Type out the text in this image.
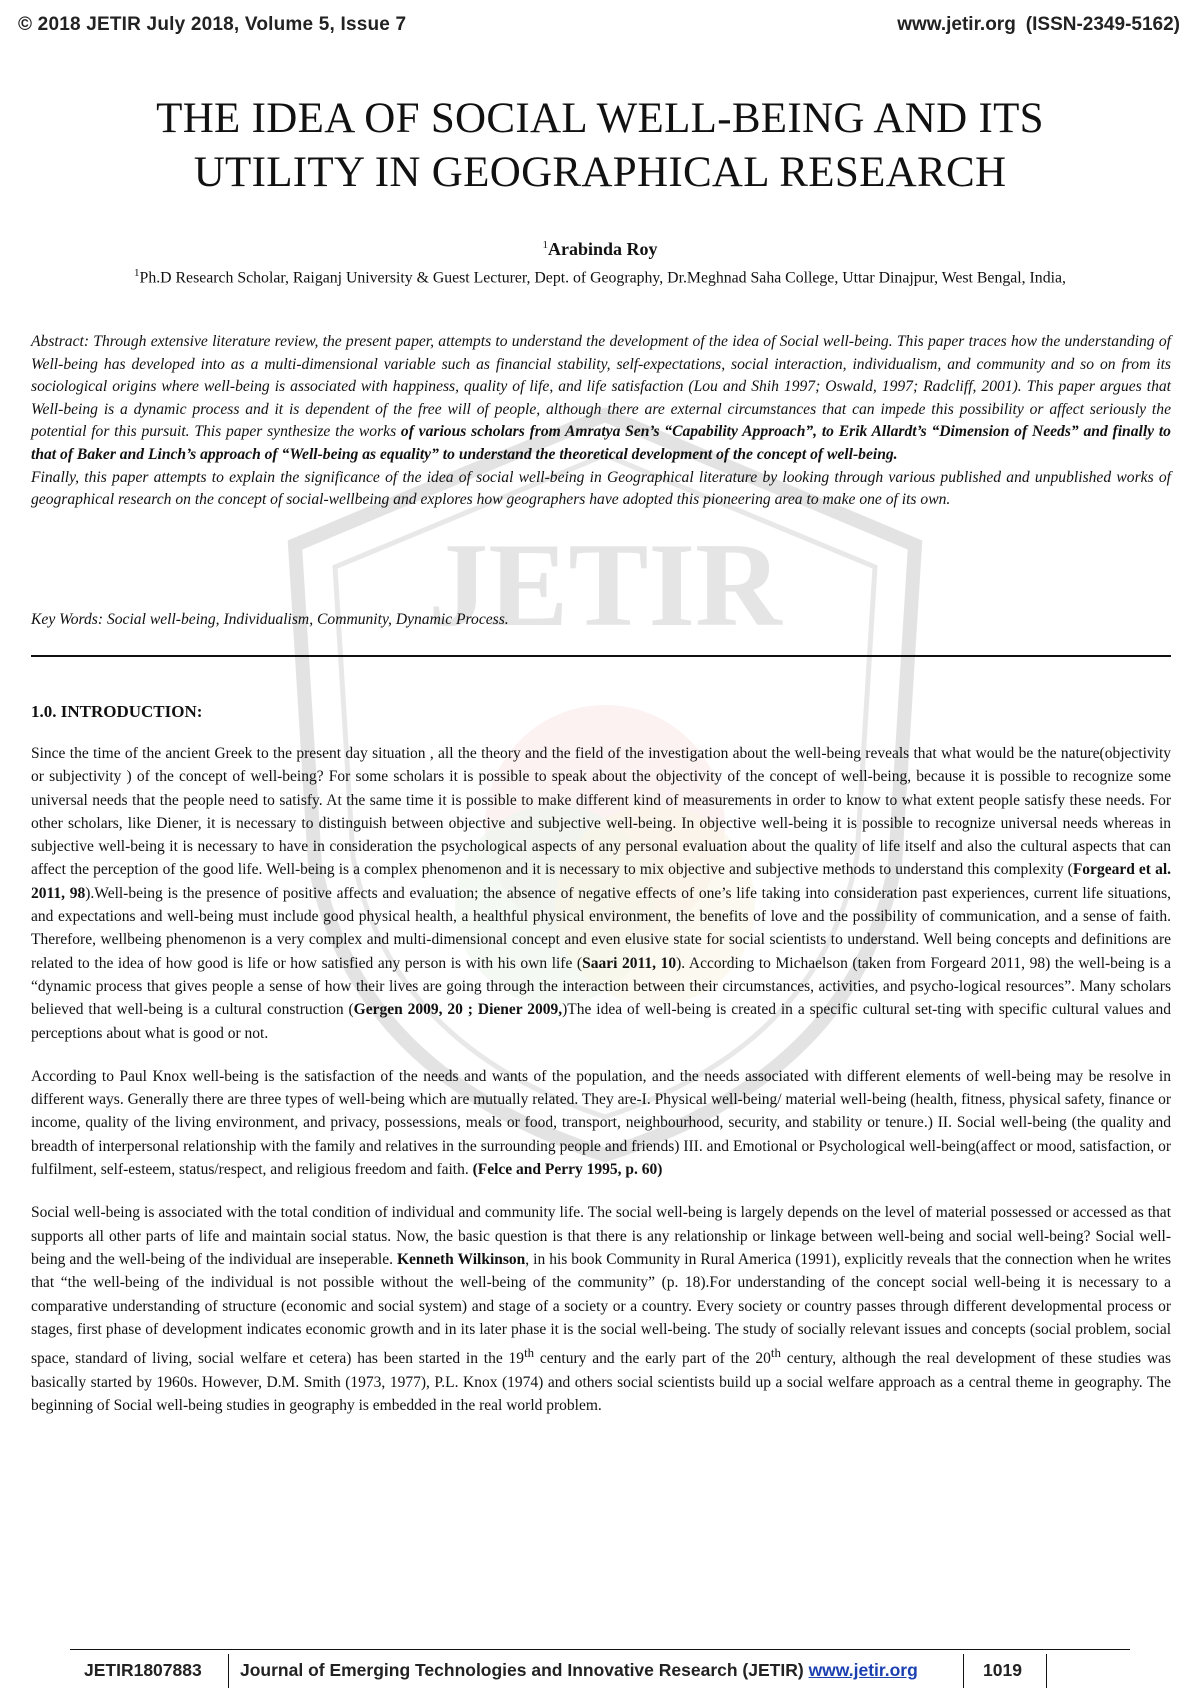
JETIR
© 2018 JETIR July 2018, Volume 5, Issue 7	www.jetir.org (ISSN-2349-5162)
THE IDEA OF SOCIAL WELL-BEING AND ITS
UTILITY IN GEOGRAPHICAL RESEARCH
$^1$Arabinda Roy
$^1$Ph.D Research Scholar, Raiganj University & Guest Lecturer, Dept. of Geography, Dr.Meghnad Saha College, Uttar Dinajpur, West Bengal, India,

Abstract: Through extensive literature review, the present paper, attempts to understand the development of the idea of Social well-being. This paper traces how the understanding of Well-being has developed into as a multi-dimensional variable such as financial stability, self-expectations, social interaction, individualism, and community and so on from its sociological origins where well-being is associated with happiness, quality of life, and life satisfaction (Lou and Shih 1997; Oswald, 1997; Radcliff, 2001). This paper argues that Well-being is a dynamic process and it is dependent of the free will of people, although there are external circumstances that can impede this possibility or affect seriously the potential for this pursuit. This paper synthesize the works of various scholars from Amratya Sen’s “Capability Approach”, to Erik Allardt’s “Dimension of Needs” and finally to that of Baker and Linch’s approach of “Well-being as equality” to understand the theoretical development of the concept of well-being.

Finally, this paper attempts to explain the significance of the idea of social well-being in Geographical literature by looking through various published and unpublished works of geographical research on the concept of social-wellbeing and explores how geographers have adopted this pioneering area to make one of its own.

Key Words: Social well-being, Individualism, Community, Dynamic Process.
1.0. INTRODUCTION:

Since the time of the ancient Greek to the present day situation , all the theory and the field of the investigation about the well-being reveals that what would be the nature(objectivity or subjectivity ) of the concept of well-being? For some scholars it is possible to speak about the objectivity of the concept of well-being, because it is possible to recognize some universal needs that the people need to satisfy. At the same time it is possible to make different kind of measurements in order to know to what extent people satisfy these needs. For other scholars, like Diener, it is necessary to distinguish between objective and subjective well-being. In objective well-being it is possible to recognize universal needs whereas in subjective well-being it is necessary to have in consideration the psychological aspects of any personal evaluation about the quality of life itself and also the cultural aspects that can affect the perception of the good life. Well-being is a complex phenomenon and it is necessary to mix objective and subjective methods to understand this complexity (Forgeard et al. 2011, 98).Well-being is the presence of positive affects and evaluation; the absence of negative effects of one’s life taking into consideration past experiences, current life situations, and expectations and well-being must include good physical health, a healthful physical environment, the benefits of love and the possibility of communication, and a sense of faith. Therefore, wellbeing phenomenon is a very complex and multi-dimensional concept and even elusive state for social scientists to understand. Well being concepts and definitions are related to the idea of how good is life or how satisfied any person is with his own life (Saari 2011, 10). According to Michaelson (taken from Forgeard 2011, 98) the well-being is a “dynamic process that gives people a sense of how their lives are going through the interaction between their circumstances, activities, and psycho-logical resources”. Many scholars believed that well-being is a cultural construction (Gergen 2009, 20 ; Diener 2009,)The idea of well-being is created in a specific cultural set-ting with specific cultural values and perceptions about what is good or not.

According to Paul Knox well-being is the satisfaction of the needs and wants of the population, and the needs associated with different elements of well-being may be resolve in different ways. Generally there are three types of well-being which are mutually related. They are-I. Physical well-being/ material well-being (health, fitness, physical safety, finance or income, quality of the living environment, and privacy, possessions, meals or food, transport, neighbourhood, security, and stability or tenure.) II. Social well-being (the quality and breadth of interpersonal relationship with the family and relatives in the surrounding people and friends) III. and Emotional or Psychological well-being(affect or mood, satisfaction, or fulfilment, self-esteem, status/respect, and religious freedom and faith. (Felce and Perry 1995, p. 60)

Social well-being is associated with the total condition of individual and community life. The social well-being is largely depends on the level of material possessed or accessed as that supports all other parts of life and maintain social status. Now, the basic question is that there is any relationship or linkage between well-being and social well-being? Social well-being and the well-being of the individual are inseperable. Kenneth Wilkinson, in his book Community in Rural America (1991), explicitly reveals that the connection when he writes that “the well-being of the individual is not possible without the well-being of the community” (p. 18).For understanding of the concept social well-being it is necessary to a comparative understanding of structure (economic and social system) and stage of a society or a country. Every society or country passes through different developmental process or stages, first phase of development indicates economic growth and in its later phase it is the social well-being. The study of socially relevant issues and concepts (social problem, social space, standard of living, social welfare et cetera) has been started in the 19th century and the early part of the 20th century, although the real development of these studies was basically started by 1960s. However, D.M. Smith (1973, 1977), P.L. Knox (1974) and others social scientists build up a social welfare approach as a central theme in geography. The beginning of Social well-being studies in geography is embedded in the real world problem.

JETIR1807883 Journal of Emerging Technologies and Innovative Research (JETIR) www.jetir.org	1019
